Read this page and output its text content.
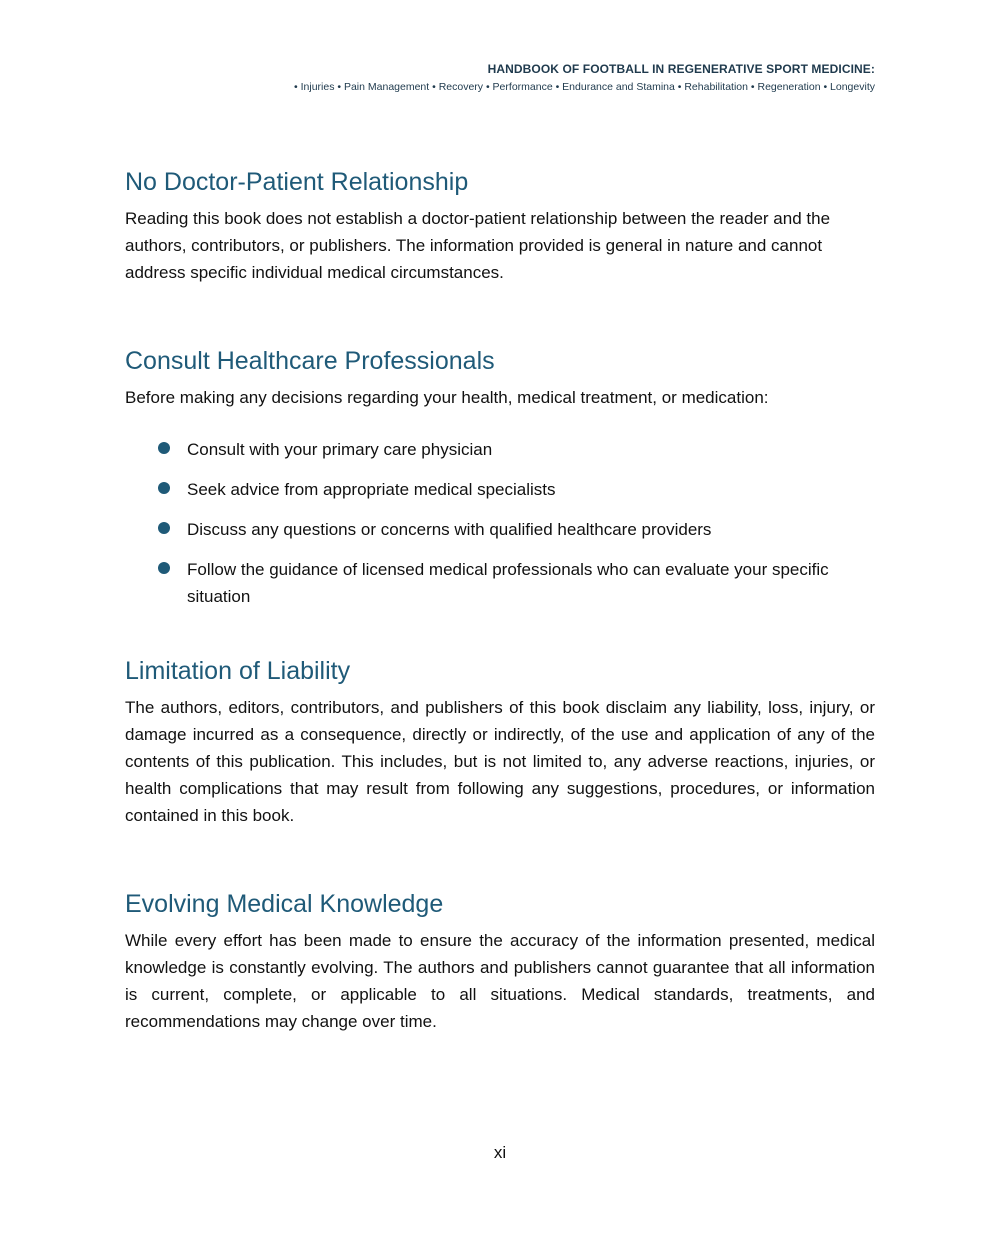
HANDBOOK OF FOOTBALL IN REGENERATIVE SPORT MEDICINE:
• Injuries • Pain Management • Recovery • Performance • Endurance and Stamina • Rehabilitation • Regeneration • Longevity
No Doctor-Patient Relationship

Reading this book does not establish a doctor-patient relationship between the reader and the authors, contributors, or publishers. The information provided is general in nature and cannot address specific individual medical circumstances.

Consult Healthcare Professionals

Before making any decisions regarding your health, medical treatment, or medication:

Consult with your primary care physician
Seek advice from appropriate medical specialists
Discuss any questions or concerns with qualified healthcare providers
Follow the guidance of licensed medical professionals who can evaluate your specific situation
Limitation of Liability

The authors, editors, contributors, and publishers of this book disclaim any liability, loss, injury, or damage incurred as a consequence, directly or indirectly, of the use and application of any of the contents of this publication. This includes, but is not limited to, any adverse reactions, injuries, or health complications that may result from following any suggestions, procedures, or information contained in this book.

Evolving Medical Knowledge

While every effort has been made to ensure the accuracy of the information presented, medical knowledge is constantly evolving. The authors and publishers cannot guarantee that all information is current, complete, or applicable to all situations. Medical standards, treatments, and recommendations may change over time.

xi
